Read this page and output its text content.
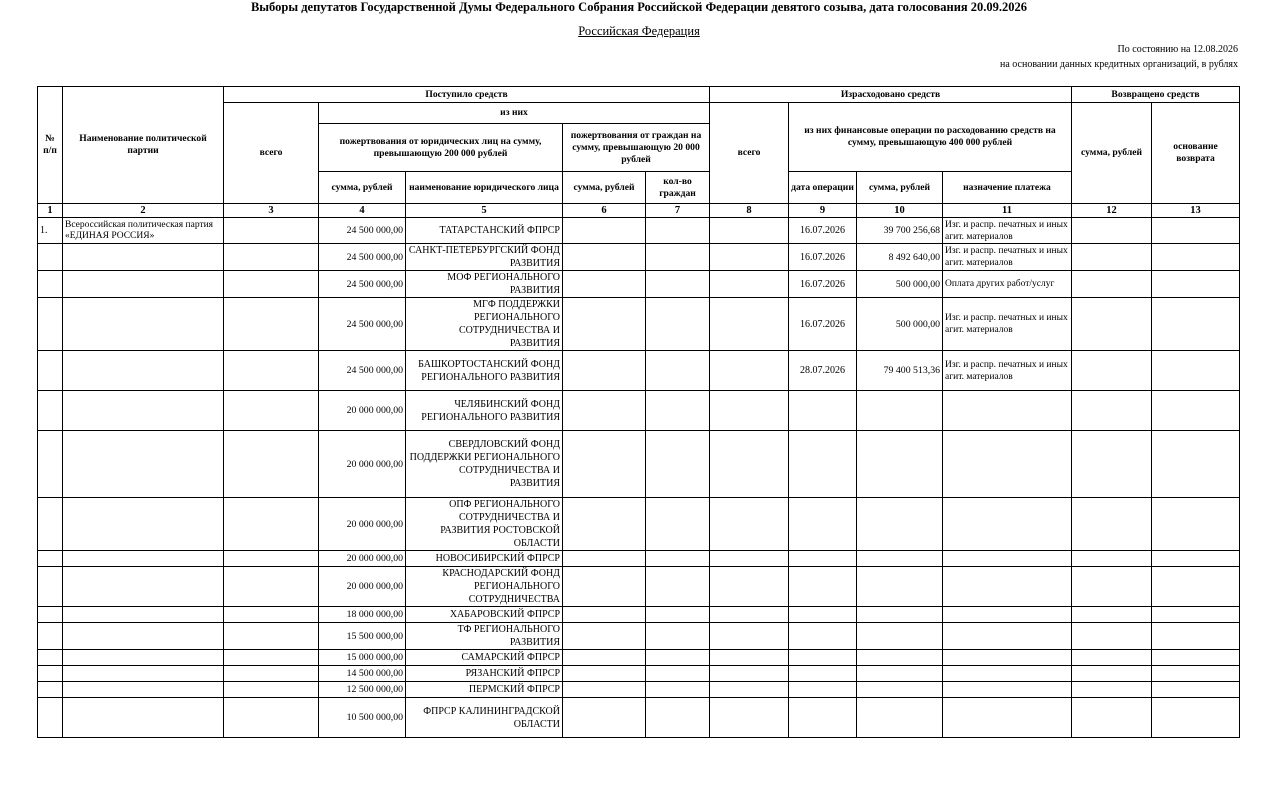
Выборы депутатов Государственной Думы Федерального Собрания Российской Федерации девятого созыва, дата голосования 20.09.2026
Российская Федерация
По состоянию на 12.08.2026
на основании данных кредитных организаций, в рублях
№ п/п	Наименование политической партии	Поступило средств					Израсходовано средств				Возвращено средств	
		всего	из них				всего	из них финансовые операции по расходованию средств на сумму, превышающую 400 000 рублей			сумма, рублей	основание возврата
			пожертвования от юридических лиц на сумму, превышающую 200 000 рублей		пожертвования от граждан на сумму, превышающую 20 000 рублей							
			сумма, рублей	наименование юридического лица	сумма, рублей	кол-во граждан		дата операции	сумма, рублей	назначение платежа		
1	2	3	4	5	6	7	8	9	10	11	12	13
1.	Всероссийская политическая партия «ЕДИНАЯ РОССИЯ»		24 500 000,00	ТАТАРСТАНСКИЙ ФПРСР				16.07.2026	39 700 256,68	Изг. и распр. печатных и иных агит. материалов		
			24 500 000,00	САНКТ-ПЕТЕРБУРГСКИЙ ФОНД РАЗВИТИЯ				16.07.2026	8 492 640,00	Изг. и распр. печатных и иных агит. материалов		
			24 500 000,00	МОФ РЕГИОНАЛЬНОГО РАЗВИТИЯ				16.07.2026	500 000,00	Оплата других работ/услуг		
			24 500 000,00	МГФ ПОДДЕРЖКИ РЕГИОНАЛЬНОГО СОТРУДНИЧЕСТВА И РАЗВИТИЯ				16.07.2026	500 000,00	Изг. и распр. печатных и иных агит. материалов		
			24 500 000,00	БАШКОРТОСТАНСКИЙ ФОНД РЕГИОНАЛЬНОГО РАЗВИТИЯ				28.07.2026	79 400 513,36	Изг. и распр. печатных и иных агит. материалов		
			20 000 000,00	ЧЕЛЯБИНСКИЙ ФОНД РЕГИОНАЛЬНОГО РАЗВИТИЯ								
			20 000 000,00	СВЕРДЛОВСКИЙ ФОНД ПОДДЕРЖКИ РЕГИОНАЛЬНОГО СОТРУДНИЧЕСТВА И РАЗВИТИЯ								
			20 000 000,00	ОПФ РЕГИОНАЛЬНОГО СОТРУДНИЧЕСТВА И РАЗВИТИЯ РОСТОВСКОЙ ОБЛАСТИ								
			20 000 000,00	НОВОСИБИРСКИЙ ФПРСР								
			20 000 000,00	КРАСНОДАРСКИЙ ФОНД РЕГИОНАЛЬНОГО СОТРУДНИЧЕСТВА								
			18 000 000,00	ХАБАРОВСКИЙ ФПРСР								
			15 500 000,00	ТФ РЕГИОНАЛЬНОГО РАЗВИТИЯ								
			15 000 000,00	САМАРСКИЙ ФПРСР								
			14 500 000,00	РЯЗАНСКИЙ ФПРСР								
			12 500 000,00	ПЕРМСКИЙ ФПРСР								
			10 500 000,00	ФПРСР КАЛИНИНГРАДСКОЙ ОБЛАСТИ								
